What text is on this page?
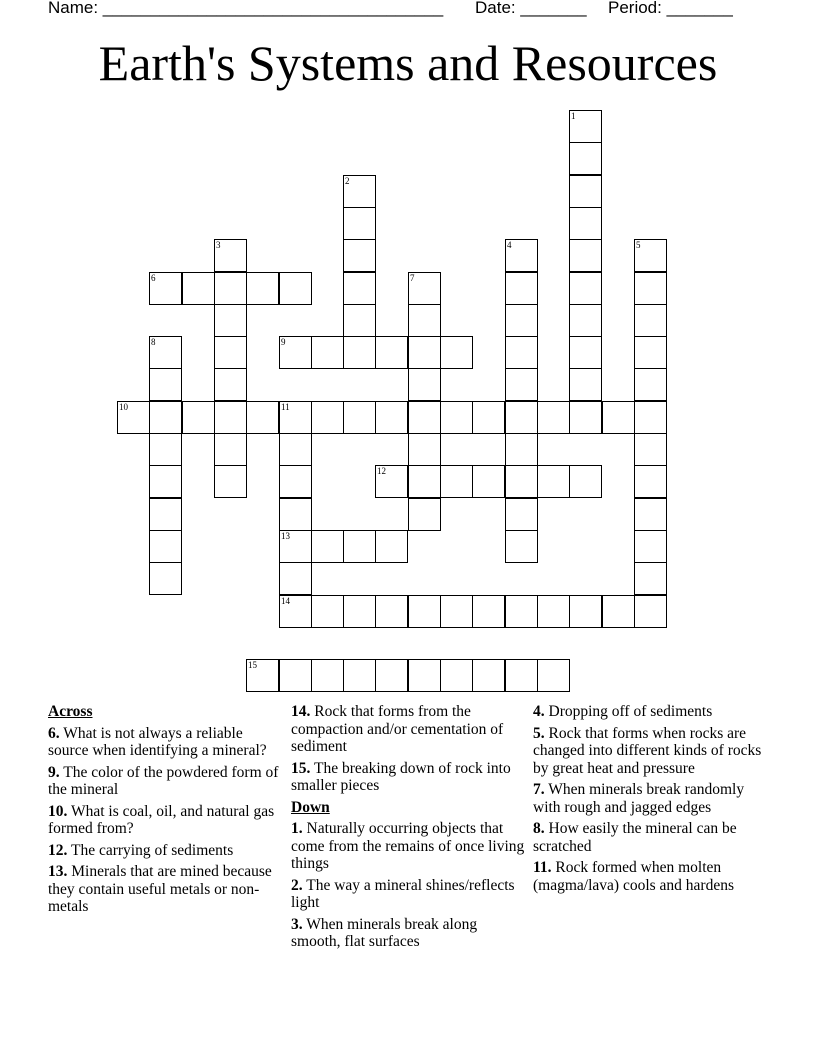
Name: ____________________________________

Date: _______

Period: _______

Earth's Systems and Resources
1
2
3	4	5
6	7
8	9
10	11
13
14
12
15
Across
6. What is not always a reliable source when identifying a mineral?
9. The color of the powdered form of the mineral
10. What is coal, oil, and natural gas formed from?
12. The carrying of sediments
13. Minerals that are mined because they contain useful metals or non-metals
14. Rock that forms from the compaction and/or cementation of sediment
15. The breaking down of rock into smaller pieces
Down
1. Naturally occurring objects that come from the remains of once living things
2. The way a mineral shines/reflects light
3. When minerals break along smooth, flat surfaces
4. Dropping off of sediments
5. Rock that forms when rocks are changed into different kinds of rocks by great heat and pressure
7. When minerals break randomly with rough and jagged edges
8. How easily the mineral can be scratched
11. Rock formed when molten (magma/lava) cools and hardens
